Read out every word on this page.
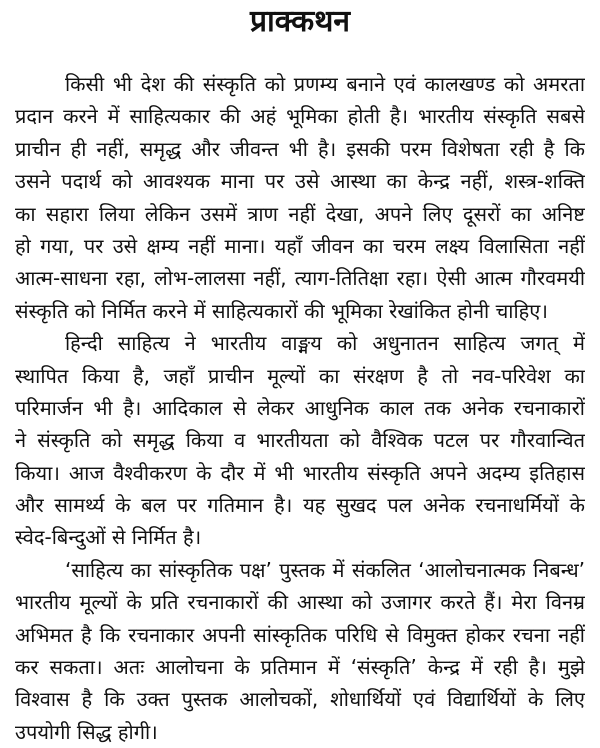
प्राक्कथन
किसी भी देश की संस्कृति को प्रणम्य बनाने एवं कालखण्ड को अमरता
प्रदान करने में साहित्यकार की अहं भूमिका होती है। भारतीय संस्कृति सबसे
प्राचीन ही नहीं, समृद्ध और जीवन्त भी है। इसकी परम विशेषता रही है कि
उसने पदार्थ को आवश्यक माना पर उसे आस्था का केन्द्र नहीं, शस्त्र-शक्ति
का सहारा लिया लेकिन उसमें त्राण नहीं देखा, अपने लिए दूसरों का अनिष्ट
हो गया, पर उसे क्षम्य नहीं माना। यहाँ जीवन का चरम लक्ष्य विलासिता नहीं
आत्म-साधना रहा, लोभ-लालसा नहीं, त्याग-तितिक्षा रहा। ऐसी आत्म गौरवमयी
संस्कृति को निर्मित करने में साहित्यकारों की भूमिका रेखांकित होनी चाहिए।
हिन्दी साहित्य ने भारतीय वाङ्मय को अधुनातन साहित्य जगत् में
स्थापित किया है, जहाँ प्राचीन मूल्यों का संरक्षण है तो नव-परिवेश का
परिमार्जन भी है। आदिकाल से लेकर आधुनिक काल तक अनेक रचनाकारों
ने संस्कृति को समृद्ध किया व भारतीयता को वैश्विक पटल पर गौरवान्वित
किया। आज वैश्वीकरण के दौर में भी भारतीय संस्कृति अपने अदम्य इतिहास
और सामर्थ्य के बल पर गतिमान है। यह सुखद पल अनेक रचनाधर्मियों के
स्वेद-बिन्दुओं से निर्मित है।
‘साहित्य का सांस्कृतिक पक्ष’ पुस्तक में संकलित ‘आलोचनात्मक निबन्ध’
भारतीय मूल्यों के प्रति रचनाकारों की आस्था को उजागर करते हैं। मेरा विनम्र
अभिमत है कि रचनाकार अपनी सांस्कृतिक परिधि से विमुक्त होकर रचना नहीं
कर सकता। अतः आलोचना के प्रतिमान में ‘संस्कृति’ केन्द्र में रही है। मुझे
विश्वास है कि उक्त पुस्तक आलोचकों, शोधार्थियों एवं विद्यार्थियों के लिए
उपयोगी सिद्ध होगी।
